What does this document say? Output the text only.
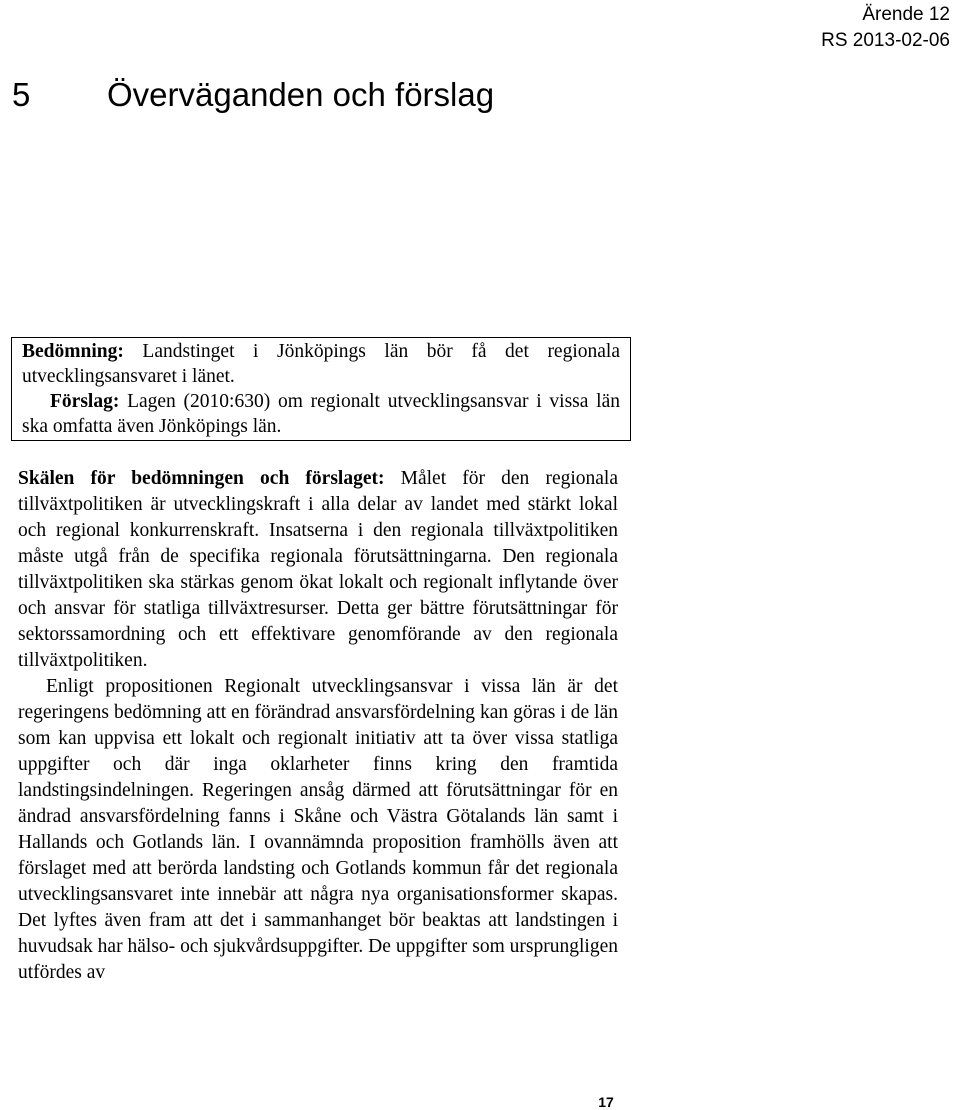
Ärende 12
RS 2013-02-06
5 Överväganden och förslag

Bedömning: Landstinget i Jönköpings län bör få det regionala utvecklingsansvaret i länet.

Förslag: Lagen (2010:630) om regionalt utvecklingsansvar i vissa län ska omfatta även Jönköpings län.

Skälen för bedömningen och förslaget: Målet för den regionala tillväxtpolitiken är utvecklingskraft i alla delar av landet med stärkt lokal och regional konkurrenskraft. Insatserna i den regionala tillväxtpolitiken måste utgå från de specifika regionala förutsättningarna. Den regionala tillväxtpolitiken ska stärkas genom ökat lokalt och regionalt inflytande över och ansvar för statliga tillväxtresurser. Detta ger bättre förutsättningar för sektorssamordning och ett effektivare genomförande av den regionala tillväxtpolitiken.

Enligt propositionen Regionalt utvecklingsansvar i vissa län är det regeringens bedömning att en förändrad ansvarsfördelning kan göras i de län som kan uppvisa ett lokalt och regionalt initiativ att ta över vissa statliga uppgifter och där inga oklarheter finns kring den framtida landstingsindelningen. Regeringen ansåg därmed att förutsättningar för en ändrad ansvarsfördelning fanns i Skåne och Västra Götalands län samt i Hallands och Gotlands län. I ovannämnda proposition framhölls även att förslaget med att berörda landsting och Gotlands kommun får det regionala utvecklingsansvaret inte innebär att några nya organisationsformer skapas. Det lyftes även fram att det i sammanhanget bör beaktas att landstingen i huvudsak har hälso- och sjukvårdsuppgifter. De uppgifter som ursprungligen utfördes av

17
